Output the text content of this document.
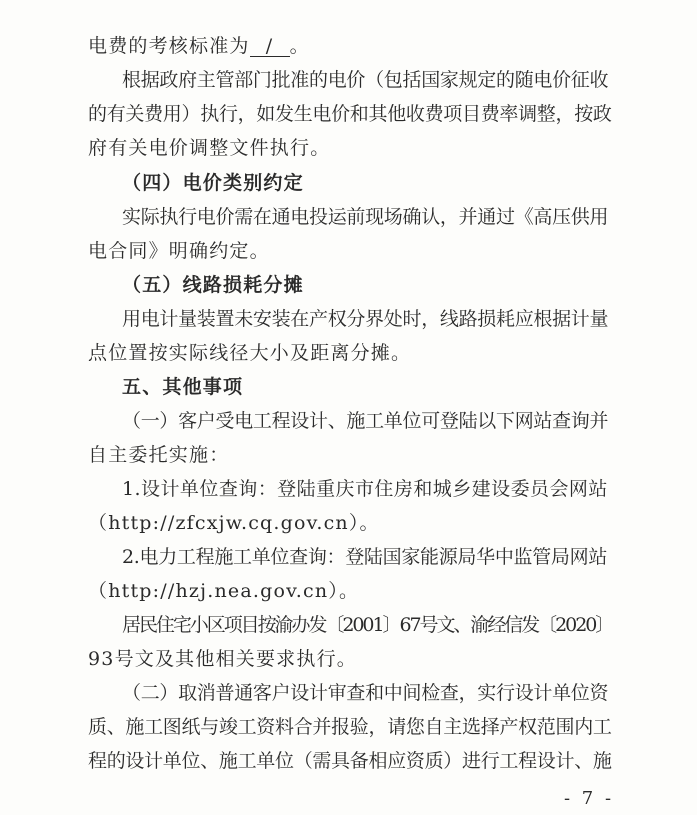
电费的考核标准为 / 。
根据政府主管部门批准的电价（包括国家规定的随电价征收
的有关费用）执行，如发生电价和其他收费项目费率调整，按政
府有关电价调整文件执行。
（四）电价类别约定
实际执行电价需在通电投运前现场确认，并通过《高压供用
电合同》明确约定。
（五）线路损耗分摊
用电计量装置未安装在产权分界处时，线路损耗应根据计量
点位置按实际线径大小及距离分摊。
五、其他事项
（一）客户受电工程设计、施工单位可登陆以下网站查询并
自主委托实施：
1.设计单位查询：登陆重庆市住房和城乡建设委员会网站
（http://zfcxjw.cq.gov.cn）。
2.电力工程施工单位查询：登陆国家能源局华中监管局网站
（http://hzj.nea.gov.cn）。
居民住宅小区项目按渝办发〔2001〕67号文、渝经信发〔2020〕
93号文及其他相关要求执行。
（二）取消普通客户设计审查和中间检查，实行设计单位资
质、施工图纸与竣工资料合并报验，请您自主选择产权范围内工
程的设计单位、施工单位（需具备相应资质）进行工程设计、施
- 7 -
